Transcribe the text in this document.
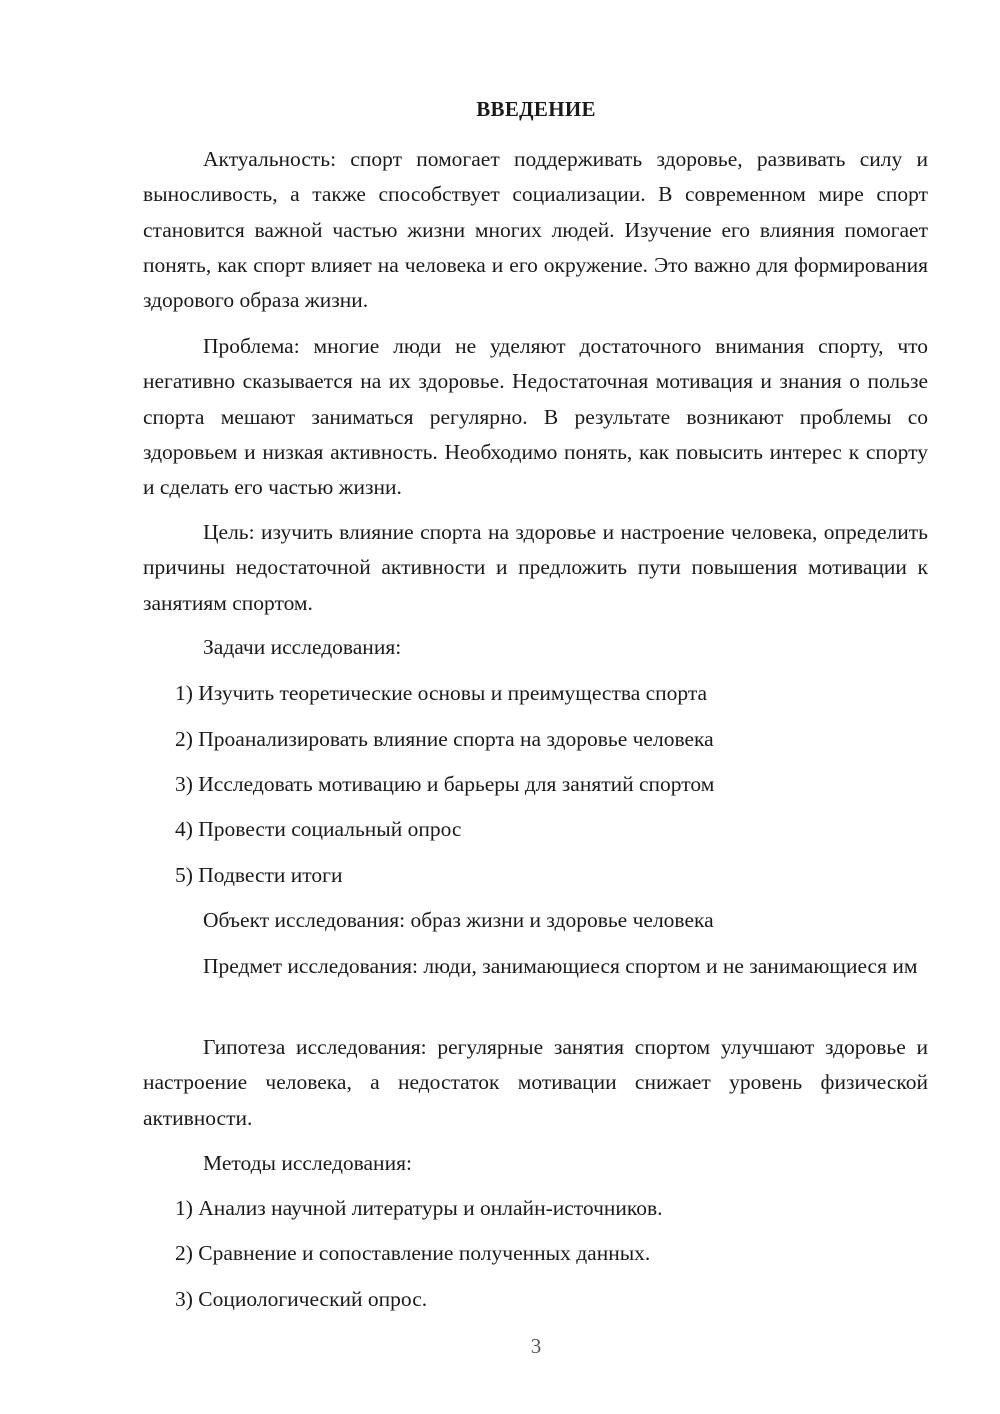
ВВЕДЕНИЕ

Актуальность: спорт помогает поддерживать здоровье, развивать силу и выносливость, а также способствует социализации. В современном мире спорт становится важной частью жизни многих людей. Изучение его влияния помогает понять, как спорт влияет на человека и его окружение. Это важно для формирования здорового образа жизни.

Проблема: многие люди не уделяют достаточного внимания спорту, что негативно сказывается на их здоровье. Недостаточная мотивация и знания о пользе спорта мешают заниматься регулярно. В результате возникают проблемы со здоровьем и низкая активность. Необходимо понять, как повысить интерес к спорту и сделать его частью жизни.

Цель: изучить влияние спорта на здоровье и настроение человека, определить причины недостаточной активности и предложить пути повышения мотивации к занятиям спортом.

Задачи исследования:

1) Изучить теоретические основы и преимущества спорта

2) Проанализировать влияние спорта на здоровье человека

3) Исследовать мотивацию и барьеры для занятий спортом

4) Провести социальный опрос

5) Подвести итоги

Объект исследования: образ жизни и здоровье человека

Предмет исследования: люди, занимающиеся спортом и не занимающиеся им

Гипотеза исследования: регулярные занятия спортом улучшают здоровье и настроение человека, а недостаток мотивации снижает уровень физической активности.

Методы исследования:

1) Анализ научной литературы и онлайн-источников.

2) Сравнение и сопоставление полученных данных.

3) Социологический опрос.

3
